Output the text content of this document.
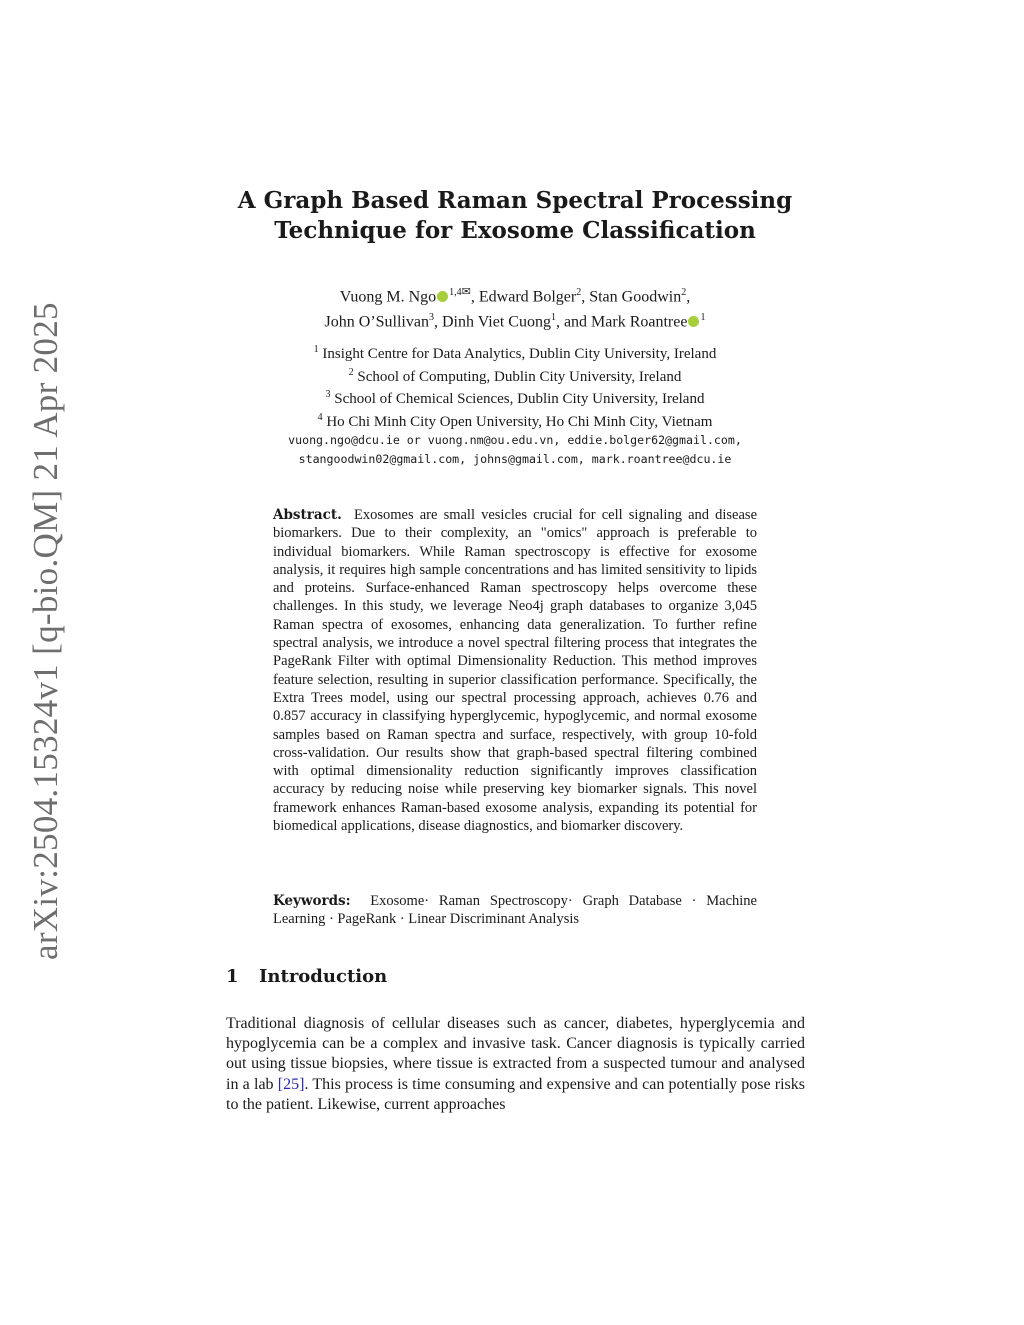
arXiv:2504.15324v1 [q-bio.QM] 21 Apr 2025
A Graph Based Raman Spectral Processing
Technique for Exosome Classification
Vuong M. Ngo $^{1,4✉}$, Edward Bolger$^2$, Stan Goodwin$^2$,
John O’Sullivan$^3$, Dinh Viet Cuong$^1$, and Mark Roantree $^1$
$^1$ Insight Centre for Data Analytics, Dublin City University, Ireland
$^2$ School of Computing, Dublin City University, Ireland
$^3$ School of Chemical Sciences, Dublin City University, Ireland
$^4$ Ho Chi Minh City Open University, Ho Chi Minh City, Vietnam
vuong.ngo@dcu.ie or vuong.nm@ou.edu.vn, eddie.bolger62@gmail.com,
stangoodwin02@gmail.com, johns@gmail.com, mark.roantree@dcu.ie
Abstract. Exosomes are small vesicles crucial for cell signaling and disease biomarkers. Due to their complexity, an "omics" approach is preferable to individual biomarkers. While Raman spectroscopy is effective for exosome analysis, it requires high sample concentrations and has limited sensitivity to lipids and proteins. Surface-enhanced Raman spectroscopy helps overcome these challenges. In this study, we leverage Neo4j graph databases to organize 3,045 Raman spectra of exosomes, enhancing data generalization. To further refine spectral analysis, we introduce a novel spectral filtering process that integrates the PageRank Filter with optimal Dimensionality Reduction. This method improves feature selection, resulting in superior classification performance. Specifically, the Extra Trees model, using our spectral processing approach, achieves 0.76 and 0.857 accuracy in classifying hyperglycemic, hypoglycemic, and normal exosome samples based on Raman spectra and surface, respectively, with group 10-fold cross-validation. Our results show that graph-based spectral filtering combined with optimal dimensionality reduction significantly improves classification accuracy by reducing noise while preserving key biomarker signals. This novel framework enhances Raman-based exosome analysis, expanding its potential for biomedical applications, disease diagnostics, and biomarker discovery.
Keywords: Exosome· Raman Spectroscopy· Graph Database · Machine Learning · PageRank · Linear Discriminant Analysis
1 Introduction
Traditional diagnosis of cellular diseases such as cancer, diabetes, hyperglycemia and hypoglycemia can be a complex and invasive task. Cancer diagnosis is typically carried out using tissue biopsies, where tissue is extracted from a suspected tumour and analysed in a lab [25]. This process is time consuming and expensive and can potentially pose risks to the patient. Likewise, current approaches
